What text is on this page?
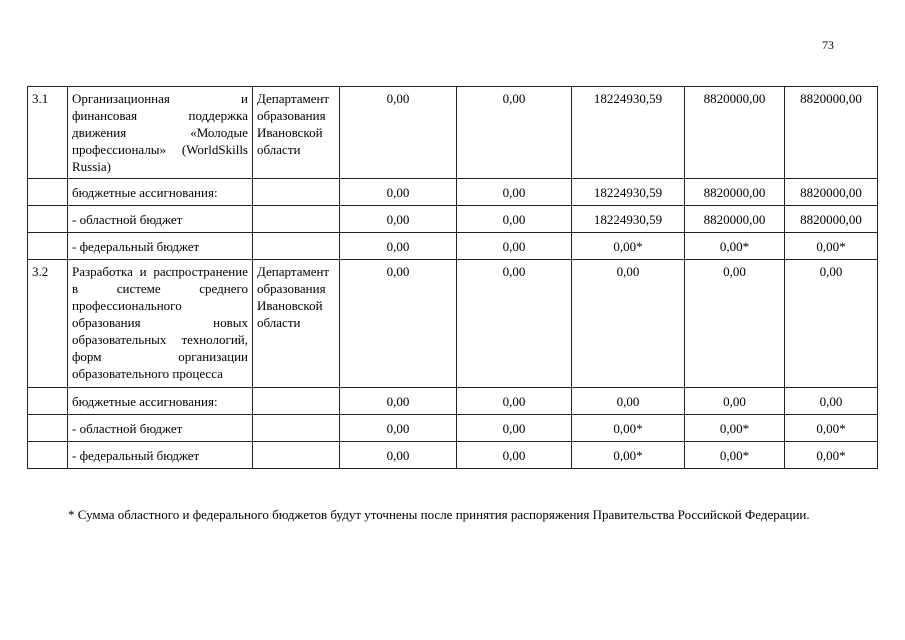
73
3.1	Организационная и финансовая поддержка движения «Молодые профессионалы» (WorldSkills Russia)	Департамент образования Ивановской области	0,00	0,00	18224930,59	8820000,00	8820000,00
	бюджетные ассигнования:		0,00	0,00	18224930,59	8820000,00	8820000,00
	- областной бюджет		0,00	0,00	18224930,59	8820000,00	8820000,00
	- федеральный бюджет		0,00	0,00	0,00*	0,00*	0,00*
3.2	Разработка и распространение в системе среднего профессионального образования новых образовательных технологий, форм организации образовательного процесса	Департамент образования Ивановской области	0,00	0,00	0,00	0,00	0,00
	бюджетные ассигнования:		0,00	0,00	0,00	0,00	0,00
	- областной бюджет		0,00	0,00	0,00*	0,00*	0,00*
	- федеральный бюджет		0,00	0,00	0,00*	0,00*	0,00*
* Сумма областного и федерального бюджетов будут уточнены после принятия распоряжения Правительства Российской Федерации.
